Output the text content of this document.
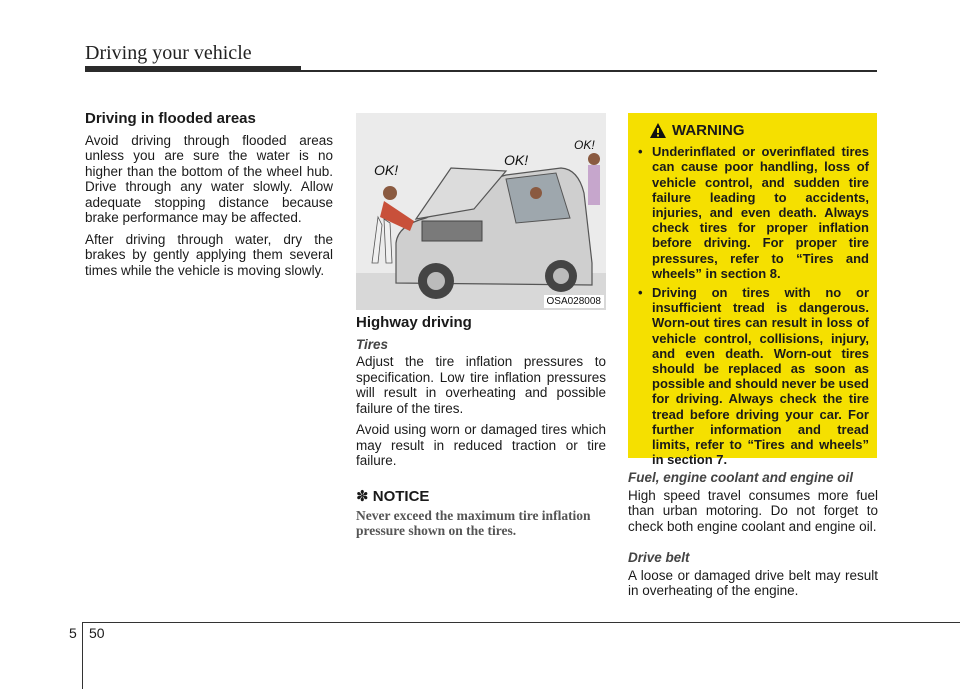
Driving your vehicle
Driving in flooded areas

Avoid driving through flooded areas unless you are sure the water is no higher than the bottom of the wheel hub. Drive through any water slowly. Allow adequate stopping distance because brake performance may be affected.

After driving through water, dry the brakes by gently applying them several times while the vehicle is moving slowly.

OK!
OK!
OK!
OSA028008
Highway driving
Tires

Adjust the tire inflation pressures to specification. Low tire inflation pressures will result in overheating and possible failure of the tires.

Avoid using worn or damaged tires which may result in reduced traction or tire failure.

✽ NOTICE
Never exceed the maximum tire inflation pressure shown on the tires.
WARNING
• Underinflated or overinflated tires can cause poor handling, loss of vehicle control, and sudden tire failure leading to accidents, injuries, and even death. Always check tires for proper inflation before driving. For proper tire pressures, refer to “Tires and wheels” in section 8.
• Driving on tires with no or insufficient tread is dangerous. Worn-out tires can result in loss of vehicle control, collisions, injury, and even death. Worn-out tires should be replaced as soon as possible and should never be used for driving. Always check the tire tread before driving your car. For further information and tread limits, refer to “Tires and wheels” in section 7.
Fuel, engine coolant and engine oil

High speed travel consumes more fuel than urban motoring. Do not forget to check both engine coolant and engine oil.

Drive belt

A loose or damaged drive belt may result in overheating of the engine.

5 50
